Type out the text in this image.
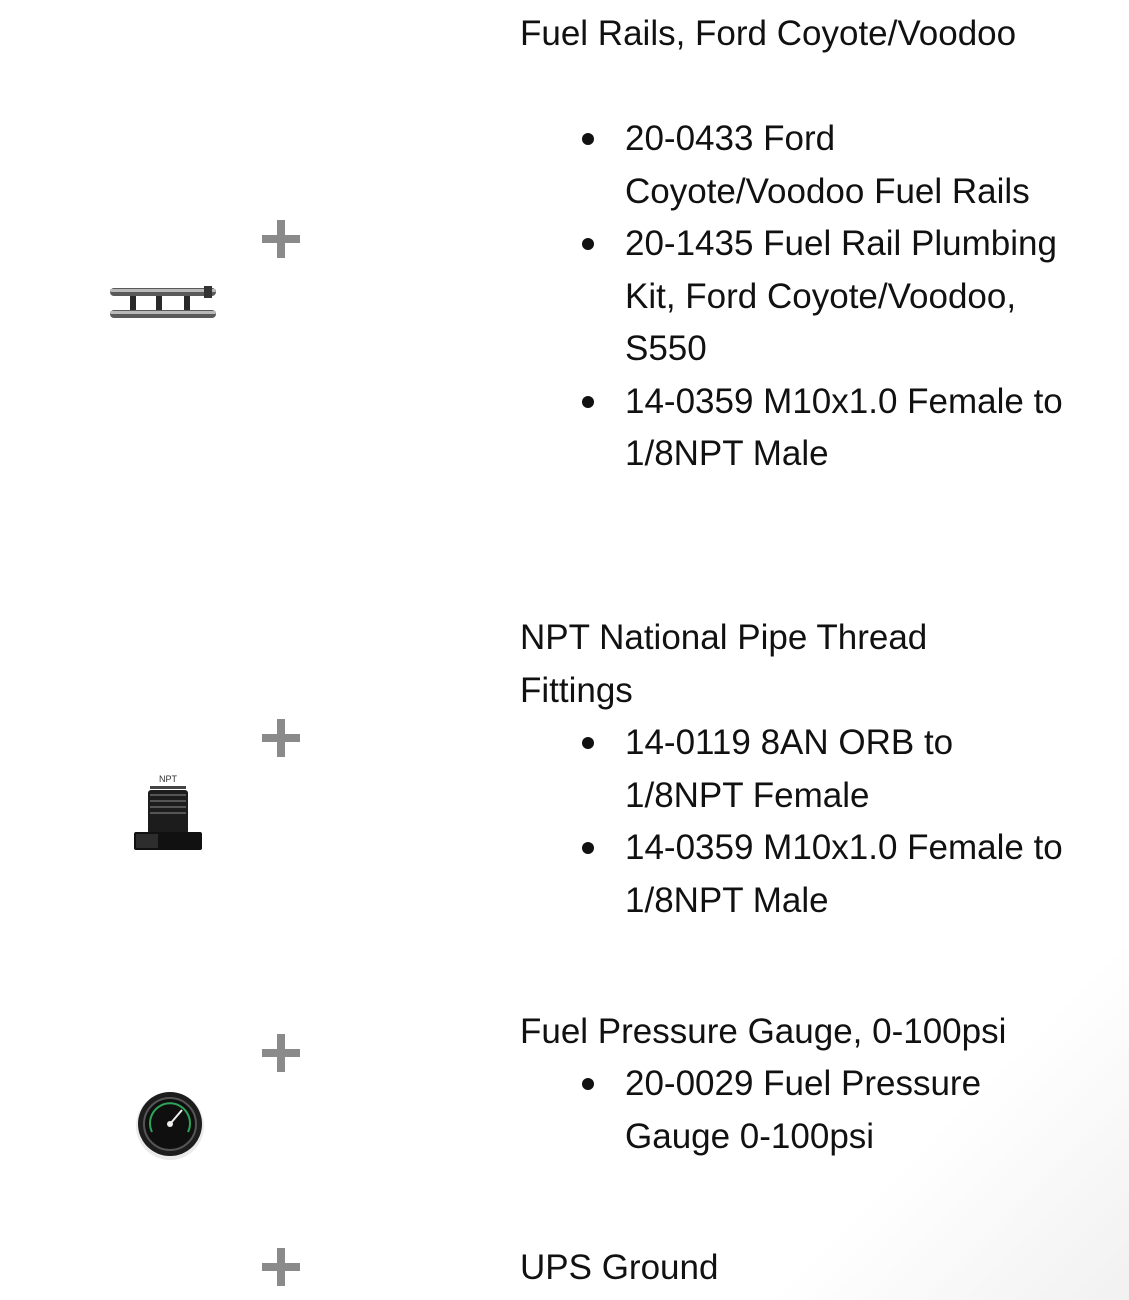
Fuel Rails, Ford Coyote/Voodoo

20-0433 Ford Coyote/Voodoo Fuel Rails
20-1435 Fuel Rail Plumbing Kit, Ford Coyote/Voodoo, S550
14-0359 M10x1.0 Female to 1/8NPT Male
NPT

NPT National Pipe Thread Fittings

14-0119 8AN ORB to 1/8NPT Female
14-0359 M10x1.0 Female to 1/8NPT Male

Fuel Pressure Gauge, 0-100psi

20-0029 Fuel Pressure Gauge 0-100psi

UPS Ground
